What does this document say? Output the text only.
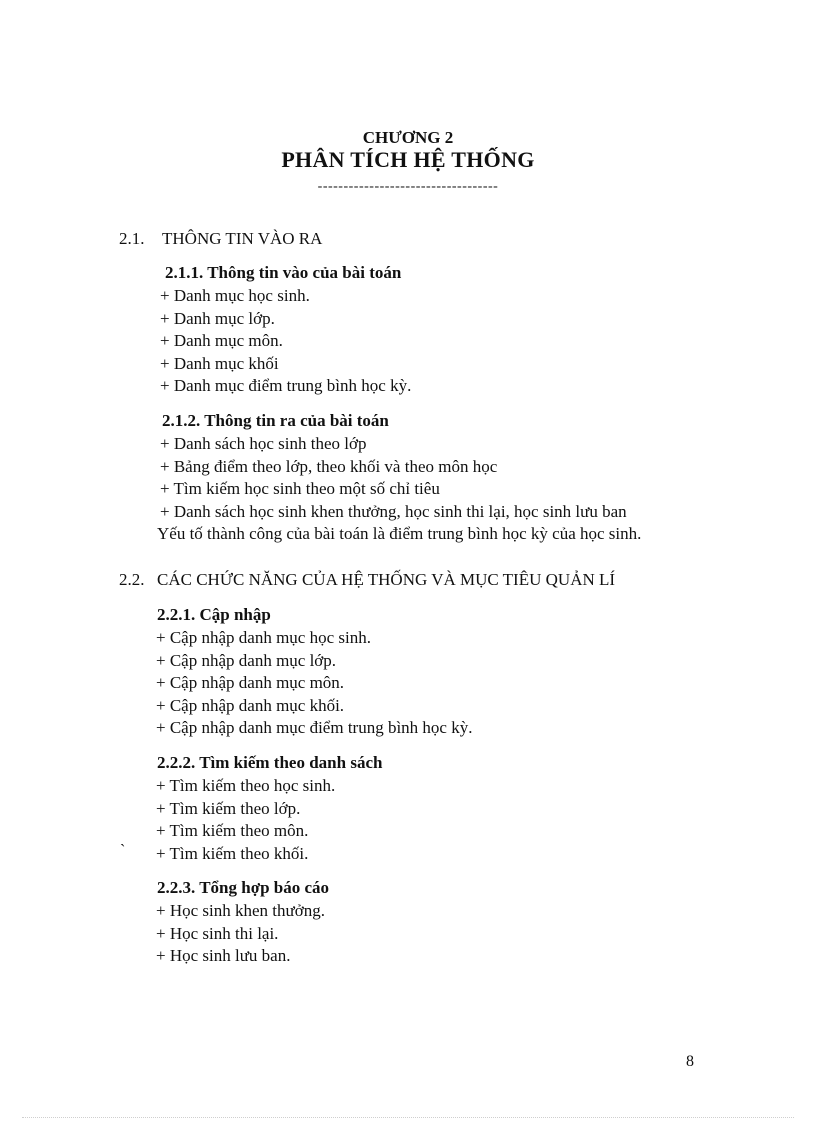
CHƯƠNG 2
PHÂN TÍCH HỆ THỐNG
-----------------------------------
2.1. THÔNG TIN VÀO RA
2.1.1. Thông tin vào của bài toán
+ Danh mục học sinh.
+ Danh mục lớp.
+ Danh mục môn.
+ Danh mục khối
+ Danh mục điểm trung bình học kỳ.
2.1.2. Thông tin ra của bài toán
+ Danh sách học sinh theo lớp
+ Bảng điểm theo lớp, theo khối và theo môn học
+ Tìm kiếm học sinh theo một số chỉ tiêu
+ Danh sách học sinh khen thưởng, học sinh thi lại, học sinh lưu ban
Yếu tố thành công của bài toán là điểm trung bình học kỳ của học sinh.
2.2. CÁC CHỨC NĂNG CỦA HỆ THỐNG VÀ MỤC TIÊU QUẢN LÍ
2.2.1. Cập nhập
+ Cập nhập danh mục học sinh.
+ Cập nhập danh mục lớp.
+ Cập nhập danh mục môn.
+ Cập nhập danh mục khối.
+ Cập nhập danh mục điểm trung bình học kỳ.
2.2.2. Tìm kiếm theo danh sách
+ Tìm kiếm theo học sinh.
+ Tìm kiếm theo lớp.
+ Tìm kiếm theo môn.
+ Tìm kiếm theo khối.
`
2.2.3. Tổng hợp báo cáo
+ Học sinh khen thưởng.
+ Học sinh thi lại.
+ Học sinh lưu ban.
8
